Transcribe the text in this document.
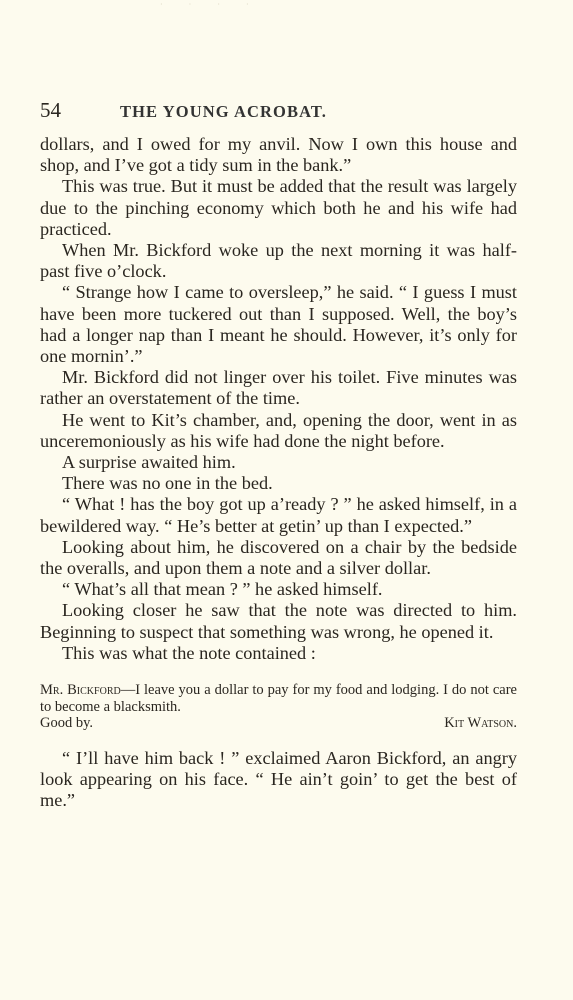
· · · ·
54	THE YOUNG ACROBAT.

dollars, and I owed for my anvil. Now I own this house and shop, and I’ve got a tidy sum in the bank.”

This was true. But it must be added that the result was largely due to the pinching economy which both he and his wife had practiced.

When Mr. Bickford woke up the next morning it was half-past five o’clock.

“ Strange how I came to oversleep,” he said. “ I guess I must have been more tuckered out than I supposed. Well, the boy’s had a longer nap than I meant he should. However, it’s only for one mornin’.”

Mr. Bickford did not linger over his toilet. Five minutes was rather an overstatement of the time.

He went to Kit’s chamber, and, opening the door, went in as unceremoniously as his wife had done the night before.

A surprise awaited him.

There was no one in the bed.

“ What ! has the boy got up a’ready ? ” he asked himself, in a bewildered way. “ He’s better at getin’ up than I expected.”

Looking about him, he discovered on a chair by the bedside the overalls, and upon them a note and a silver dollar.

“ What’s all that mean ? ” he asked himself.

Looking closer he saw that the note was directed to him. Beginning to suspect that something was wrong, he opened it.

This was what the note contained :

Mr. Bickford—I leave you a dollar to pay for my food and lodging. I do not care to become a blacksmith.
Good by.	Kit Watson.

“ I’ll have him back ! ” exclaimed Aaron Bickford, an angry look appearing on his face. “ He ain’t goin’ to get the best of me.”
